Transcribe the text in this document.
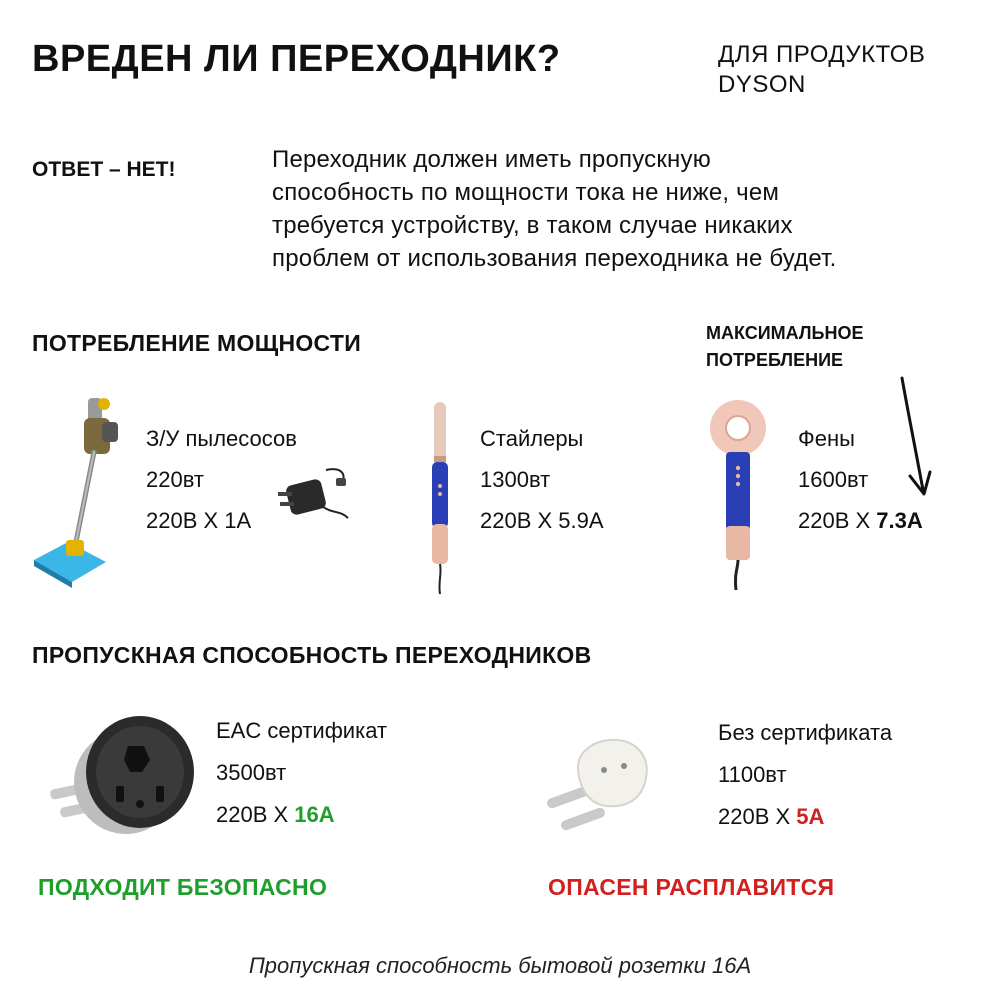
ВРЕДЕН ЛИ ПЕРЕХОДНИК?	ДЛЯ ПРОДУКТОВ
DYSON
ОТВЕТ – НЕТ!	Переходник должен иметь пропускную
способность по мощности тока не ниже, чем
требуется устройству, в таком случае никаких
проблем от использования переходника не будет.
ПОТРЕБЛЕНИЕ МОЩНОСТИ	МАКСИМАЛЬНОЕ
ПОТРЕБЛЕНИЕ
З/У пылесосов
220вт
220В X 1А
Стайлеры
1300вт
220В X 5.9А
Фены
1600вт
220В X 7.3А
ПРОПУСКНАЯ СПОСОБНОСТЬ ПЕРЕХОДНИКОВ
EAC сертификат
3500вт
220В X 16А
Без сертификата
1100вт
220В X 5А
ПОДХОДИТ БЕЗОПАСНО	ОПАСЕН РАСПЛАВИТСЯ
Пропускная способность бытовой розетки 16А
